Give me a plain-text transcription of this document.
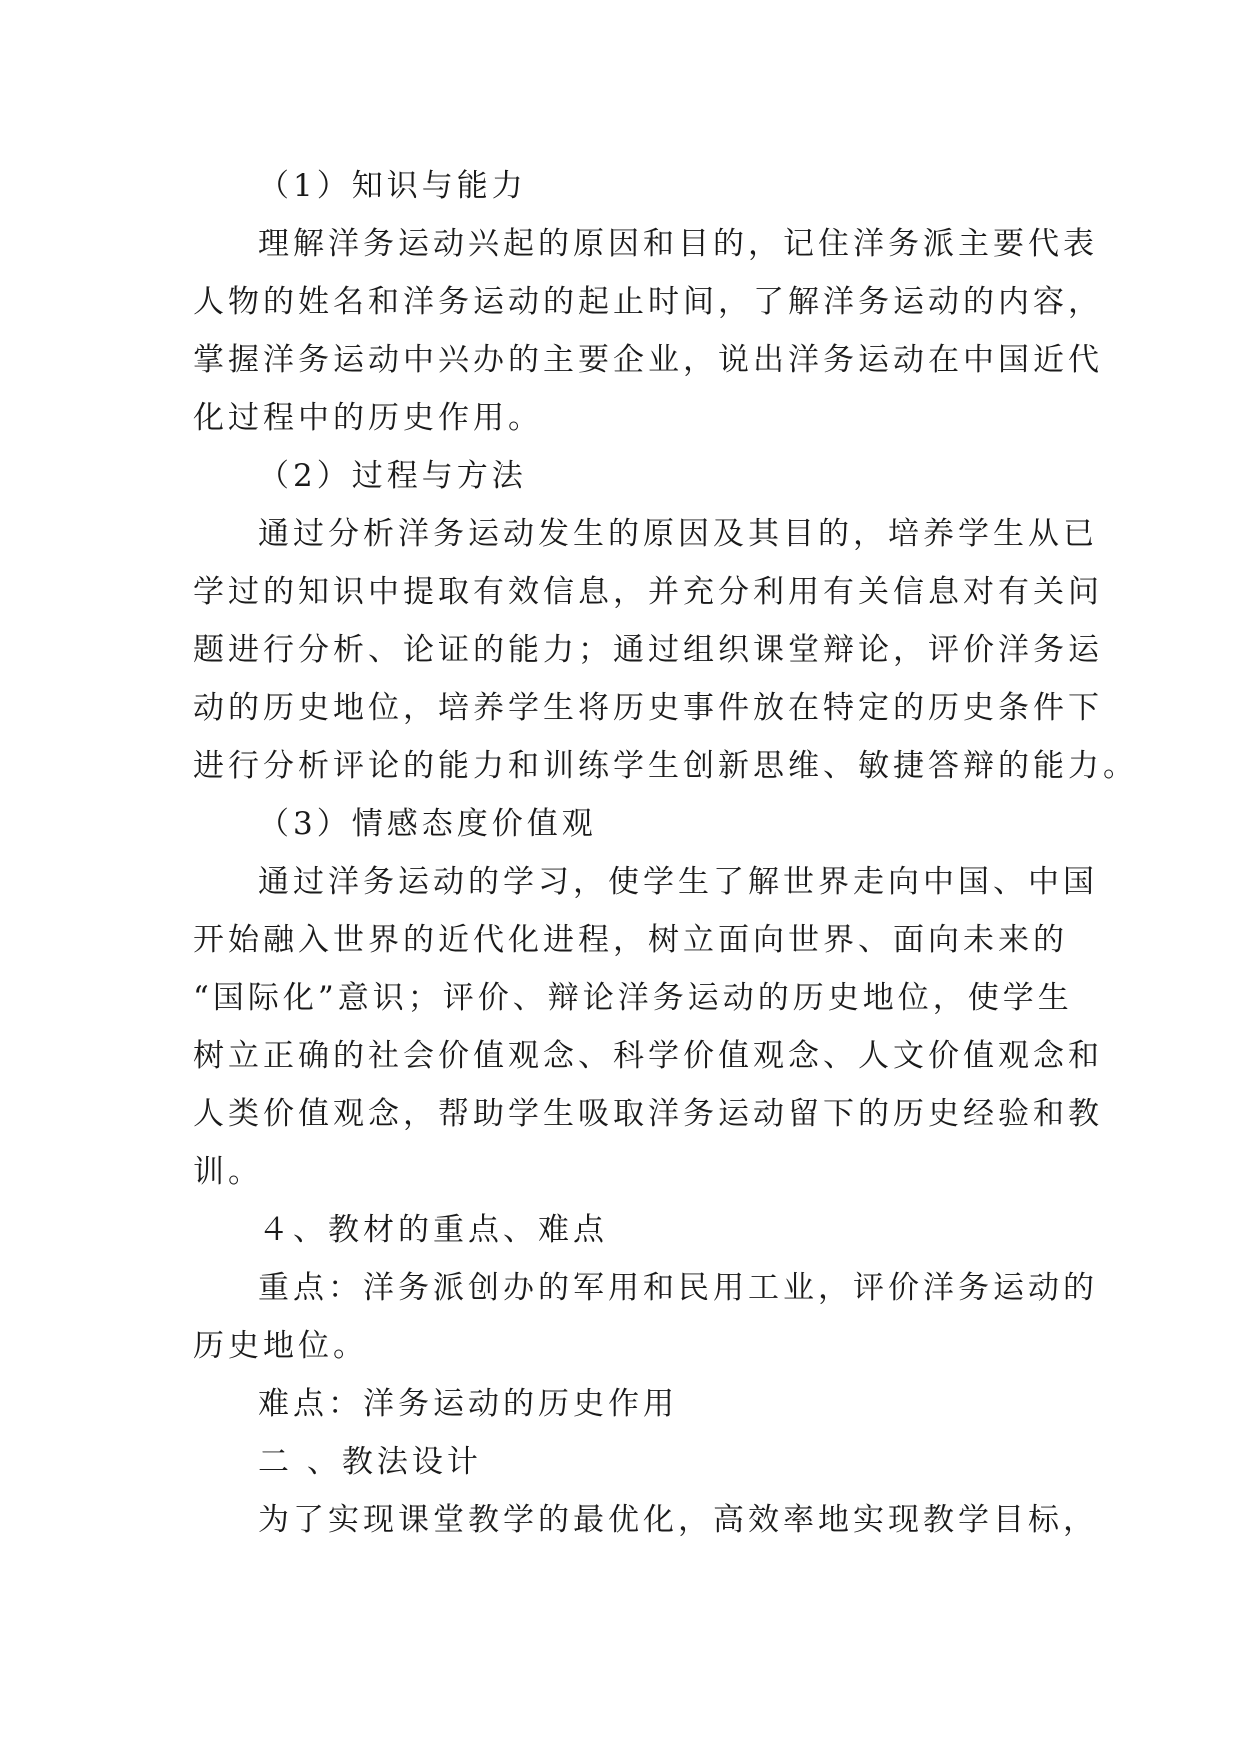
（1）知识与能力

理解洋务运动兴起的原因和目的，记住洋务派主要代表

人物的姓名和洋务运动的起止时间，了解洋务运动的内容，

掌握洋务运动中兴办的主要企业，说出洋务运动在中国近代

化过程中的历史作用。

（2）过程与方法

通过分析洋务运动发生的原因及其目的，培养学生从已

学过的知识中提取有效信息，并充分利用有关信息对有关问

题进行分析、论证的能力；通过组织课堂辩论，评价洋务运

动的历史地位，培养学生将历史事件放在特定的历史条件下

进行分析评论的能力和训练学生创新思维、敏捷答辩的能力。

（3）情感态度价值观

通过洋务运动的学习，使学生了解世界走向中国、中国

开始融入世界的近代化进程，树立面向世界、面向未来的

“国际化”意识；评价、辩论洋务运动的历史地位，使学生

树立正确的社会价值观念、科学价值观念、人文价值观念和

人类价值观念，帮助学生吸取洋务运动留下的历史经验和教

训。

４、教材的重点、难点

重点：洋务派创办的军用和民用工业，评价洋务运动的

历史地位。

难点：洋务运动的历史作用

二 、教法设计

为了实现课堂教学的最优化，高效率地实现教学目标，
